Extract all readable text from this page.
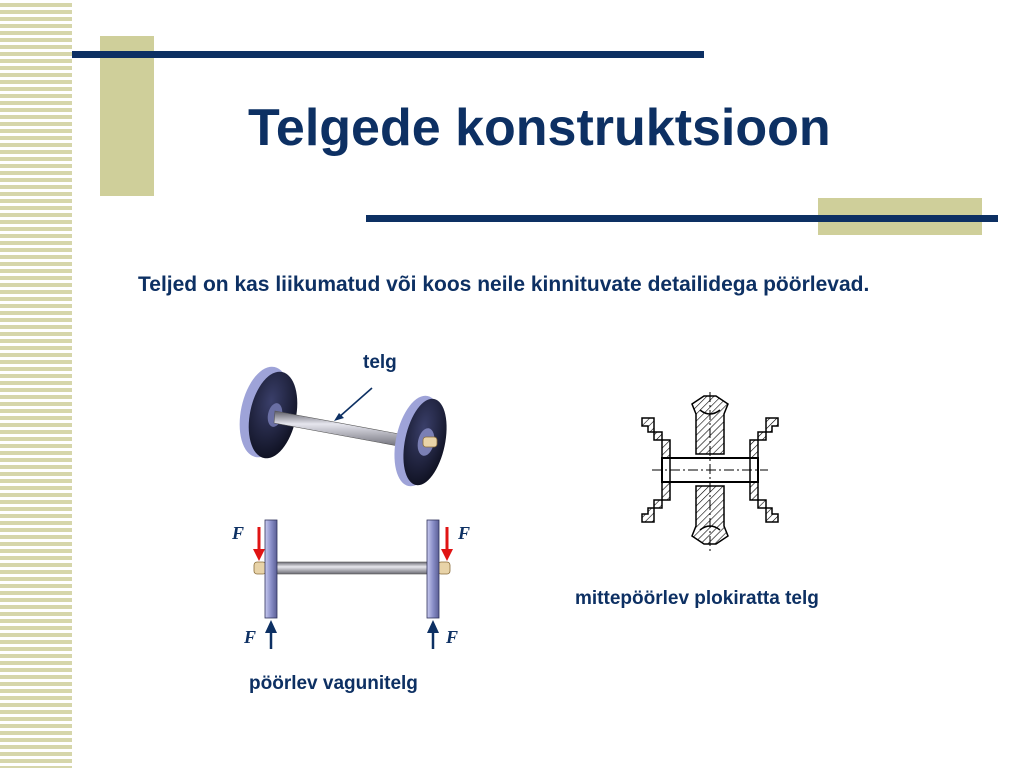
Telgede konstruktsioon

Teljed on kas liikumatud või koos neile kinnituvate detailidega pöörlevad.

telg
F	F
F	F
pöörlev vagunitelg
mittepöörlev plokiratta telg
